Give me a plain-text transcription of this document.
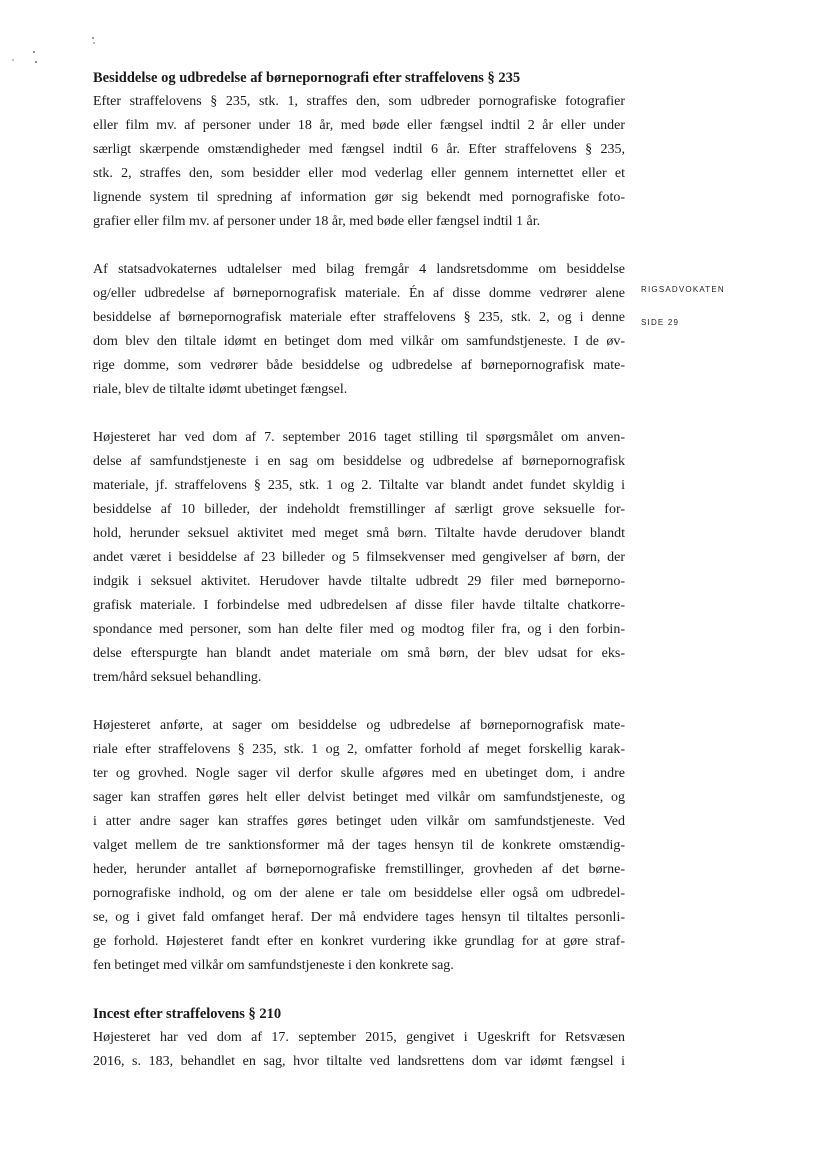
Besiddelse og udbredelse af børnepornografi efter straffelovens § 235
Efter straffelovens § 235, stk. 1, straffes den, som udbreder pornografiske fotografier
eller film mv. af personer under 18 år, med bøde eller fængsel indtil 2 år eller under
særligt skærpende omstændigheder med fængsel indtil 6 år. Efter straffelovens § 235,
stk. 2, straffes den, som besidder eller mod vederlag eller gennem internettet eller et
lignende system til spredning af information gør sig bekendt med pornografiske foto-
grafier eller film mv. af personer under 18 år, med bøde eller fængsel indtil 1 år.
Af statsadvokaternes udtalelser med bilag fremgår 4 landsretsdomme om besiddelse
og/eller udbredelse af børnepornografisk materiale. Én af disse domme vedrører alene
besiddelse af børnepornografisk materiale efter straffelovens § 235, stk. 2, og i denne
dom blev den tiltale idømt en betinget dom med vilkår om samfundstjeneste. I de øv-
rige domme, som vedrører både besiddelse og udbredelse af børnepornografisk mate-
riale, blev de tiltalte idømt ubetinget fængsel.
Højesteret har ved dom af 7. september 2016 taget stilling til spørgsmålet om anven-
delse af samfundstjeneste i en sag om besiddelse og udbredelse af børnepornografisk
materiale, jf. straffelovens § 235, stk. 1 og 2. Tiltalte var blandt andet fundet skyldig i
besiddelse af 10 billeder, der indeholdt fremstillinger af særligt grove seksuelle for-
hold, herunder seksuel aktivitet med meget små børn. Tiltalte havde derudover blandt
andet været i besiddelse af 23 billeder og 5 filmsekvenser med gengivelser af børn, der
indgik i seksuel aktivitet. Herudover havde tiltalte udbredt 29 filer med børneporno-
grafisk materiale. I forbindelse med udbredelsen af disse filer havde tiltalte chatkorre-
spondance med personer, som han delte filer med og modtog filer fra, og i den forbin-
delse efterspurgte han blandt andet materiale om små børn, der blev udsat for eks-
trem/hård seksuel behandling.
Højesteret anførte, at sager om besiddelse og udbredelse af børnepornografisk mate-
riale efter straffelovens § 235, stk. 1 og 2, omfatter forhold af meget forskellig karak-
ter og grovhed. Nogle sager vil derfor skulle afgøres med en ubetinget dom, i andre
sager kan straffen gøres helt eller delvist betinget med vilkår om samfundstjeneste, og
i atter andre sager kan straffes gøres betinget uden vilkår om samfundstjeneste. Ved
valget mellem de tre sanktionsformer må der tages hensyn til de konkrete omstændig-
heder, herunder antallet af børnepornografiske fremstillinger, grovheden af det børne-
pornografiske indhold, og om der alene er tale om besiddelse eller også om udbredel-
se, og i givet fald omfanget heraf. Der må endvidere tages hensyn til tiltaltes personli-
ge forhold. Højesteret fandt efter en konkret vurdering ikke grundlag for at gøre straf-
fen betinget med vilkår om samfundstjeneste i den konkrete sag.
Incest efter straffelovens § 210
Højesteret har ved dom af 17. september 2015, gengivet i Ugeskrift for Retsvæsen
2016, s. 183, behandlet en sag, hvor tiltalte ved landsrettens dom var idømt fængsel i
RIGSADVOKATEN
SIDE 29
